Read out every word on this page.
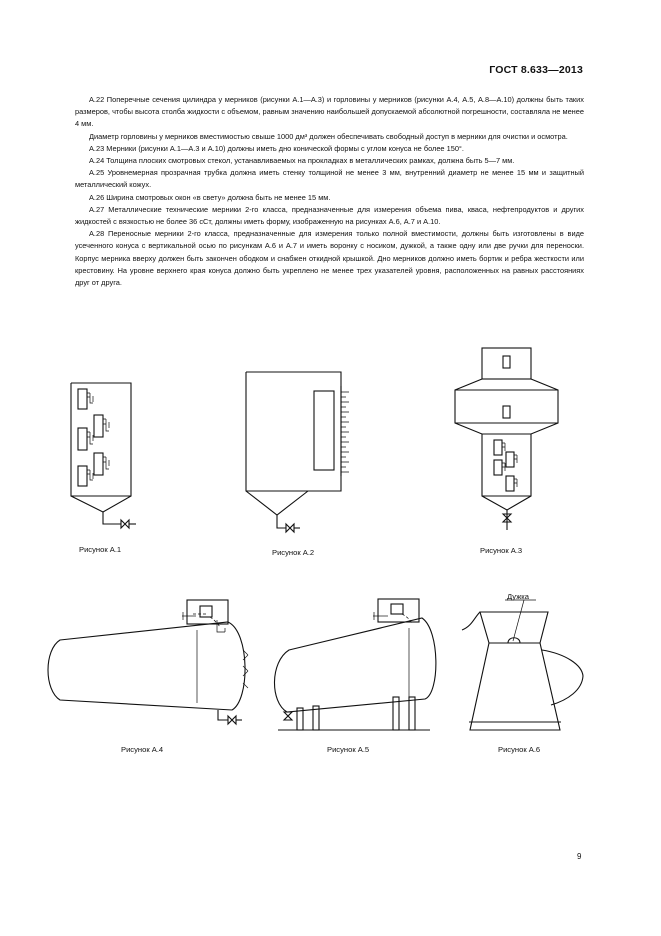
ГОСТ 8.633—2013

А.22 Поперечные сечения цилиндра у мерников (рисунки А.1—А.3) и горловины у мерников (рисунки А.4, А.5, А.8—А.10) должны быть таких размеров, чтобы высота столба жидкости с объемом, равным значению наибольшей допускаемой абсолютной погрешности, составляла не менее 4 мм.

Диаметр горловины у мерников вместимостью свыше 1000 дм³ должен обеспечивать свободный доступ в мерники для очистки и осмотра.

А.23 Мерники (рисунки А.1—А.3 и А.10) должны иметь дно конической формы с углом конуса не более 150°.

А.24 Толщина плоских смотровых стекол, устанавливаемых на прокладках в металлических рамках, должна быть 5—7 мм.

А.25 Уровнемерная прозрачная трубка должна иметь стенку толщиной не менее 3 мм, внутренний диаметр не менее 15 мм и защитный металлический кожух.

А.26 Ширина смотровых окон «в свету» должна быть не менее 15 мм.

А.27 Металлические технические мерники 2-го класса, предназначенные для измерения объема пива, кваса, нефтепродуктов и других жидкостей с вязкостью не более 36 сСт, должны иметь форму, изображенную на рисунках А.6, А.7 и А.10.

А.28 Переносные мерники 2-го класса, предназначенные для измерения только полной вместимости, должны быть изготовлены в виде усеченного конуса с вертикальной осью по рисункам А.6 и А.7 и иметь воронку с носиком, дужкой, а также одну или две ручки для переноски. Корпус мерника вверху должен быть закончен ободком и снабжен откидной крышкой. Дно мерников должно иметь бортик и ребра жесткости или крестовину. На уровне верхнего края конуса должно быть укреплено не менее трех указателей уровня, расположенных на равных расстояниях друг от друга.

Рисунок А.1	Рисунок А.2	Рисунок А.3
Рисунок А.4	Рисунок А.5	Рисунок А.6
Дужка
9
